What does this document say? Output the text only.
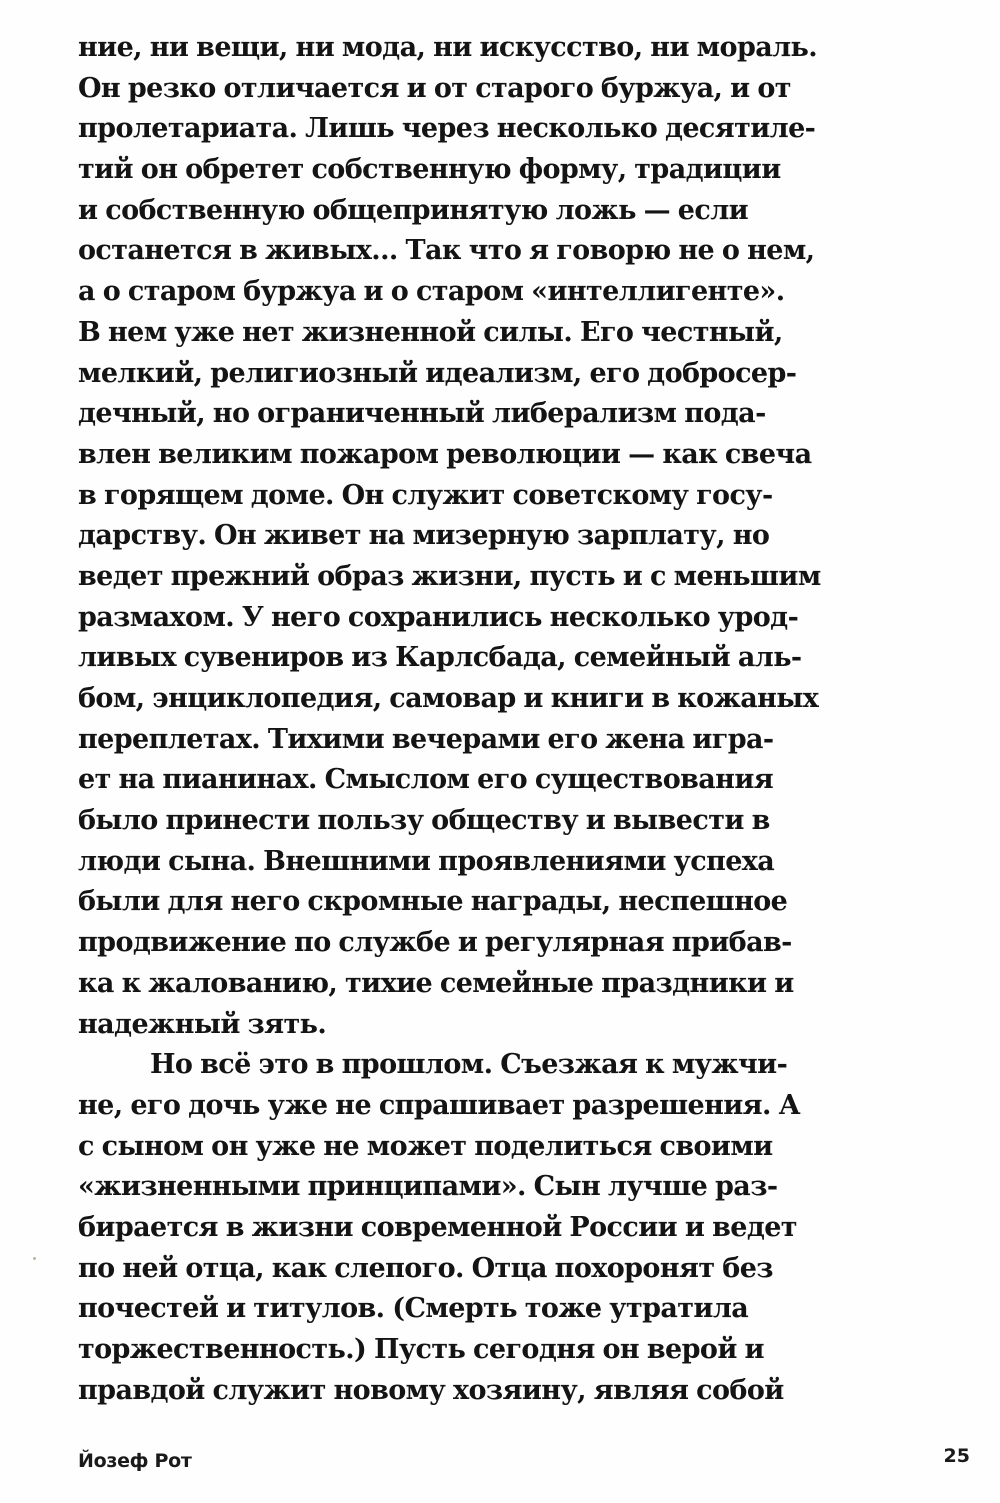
ние, ни вещи, ни мода, ни искусство, ни мораль.
Он резко отличается и от старого буржуа, и от
пролетариата. Лишь через несколько десятиле-
тий он обретет собственную форму, традиции
и собственную общепринятую ложь — если
останется в живых... Так что я говорю не о нем,
а о старом буржуа и о старом «интеллигенте».
В нем уже нет жизненной силы. Его честный,
мелкий, религиозный идеализм, его добросер-
дечный, но ограниченный либерализм пода-
влен великим пожаром революции — как свеча
в горящем доме. Он служит советскому госу-
дарству. Он живет на мизерную зарплату, но
ведет прежний образ жизни, пусть и с меньшим
размахом. У него сохранились несколько урод-
ливых сувениров из Карлсбада, семейный аль-
бом, энциклопедия, самовар и книги в кожаных
переплетах. Тихими вечерами его жена игра-
ет на пианинах. Смыслом его существования
было принести пользу обществу и вывести в
люди сына. Внешними проявлениями успеха
были для него скромные награды, неспешное
продвижение по службе и регулярная прибав-
ка к жалованию, тихие семейные праздники и
надежный зять.
Но всё это в прошлом. Съезжая к мужчи-
не, его дочь уже не спрашивает разрешения. А
с сыном он уже не может поделиться своими
«жизненными принципами». Сын лучше раз-
бирается в жизни современной России и ведет
по ней отца, как слепого. Отца похоронят без
почестей и титулов. (Смерть тоже утратила
торжественность.) Пусть сегодня он верой и
правдой служит новому хозяину, являя собой
Йозеф Рот	25
